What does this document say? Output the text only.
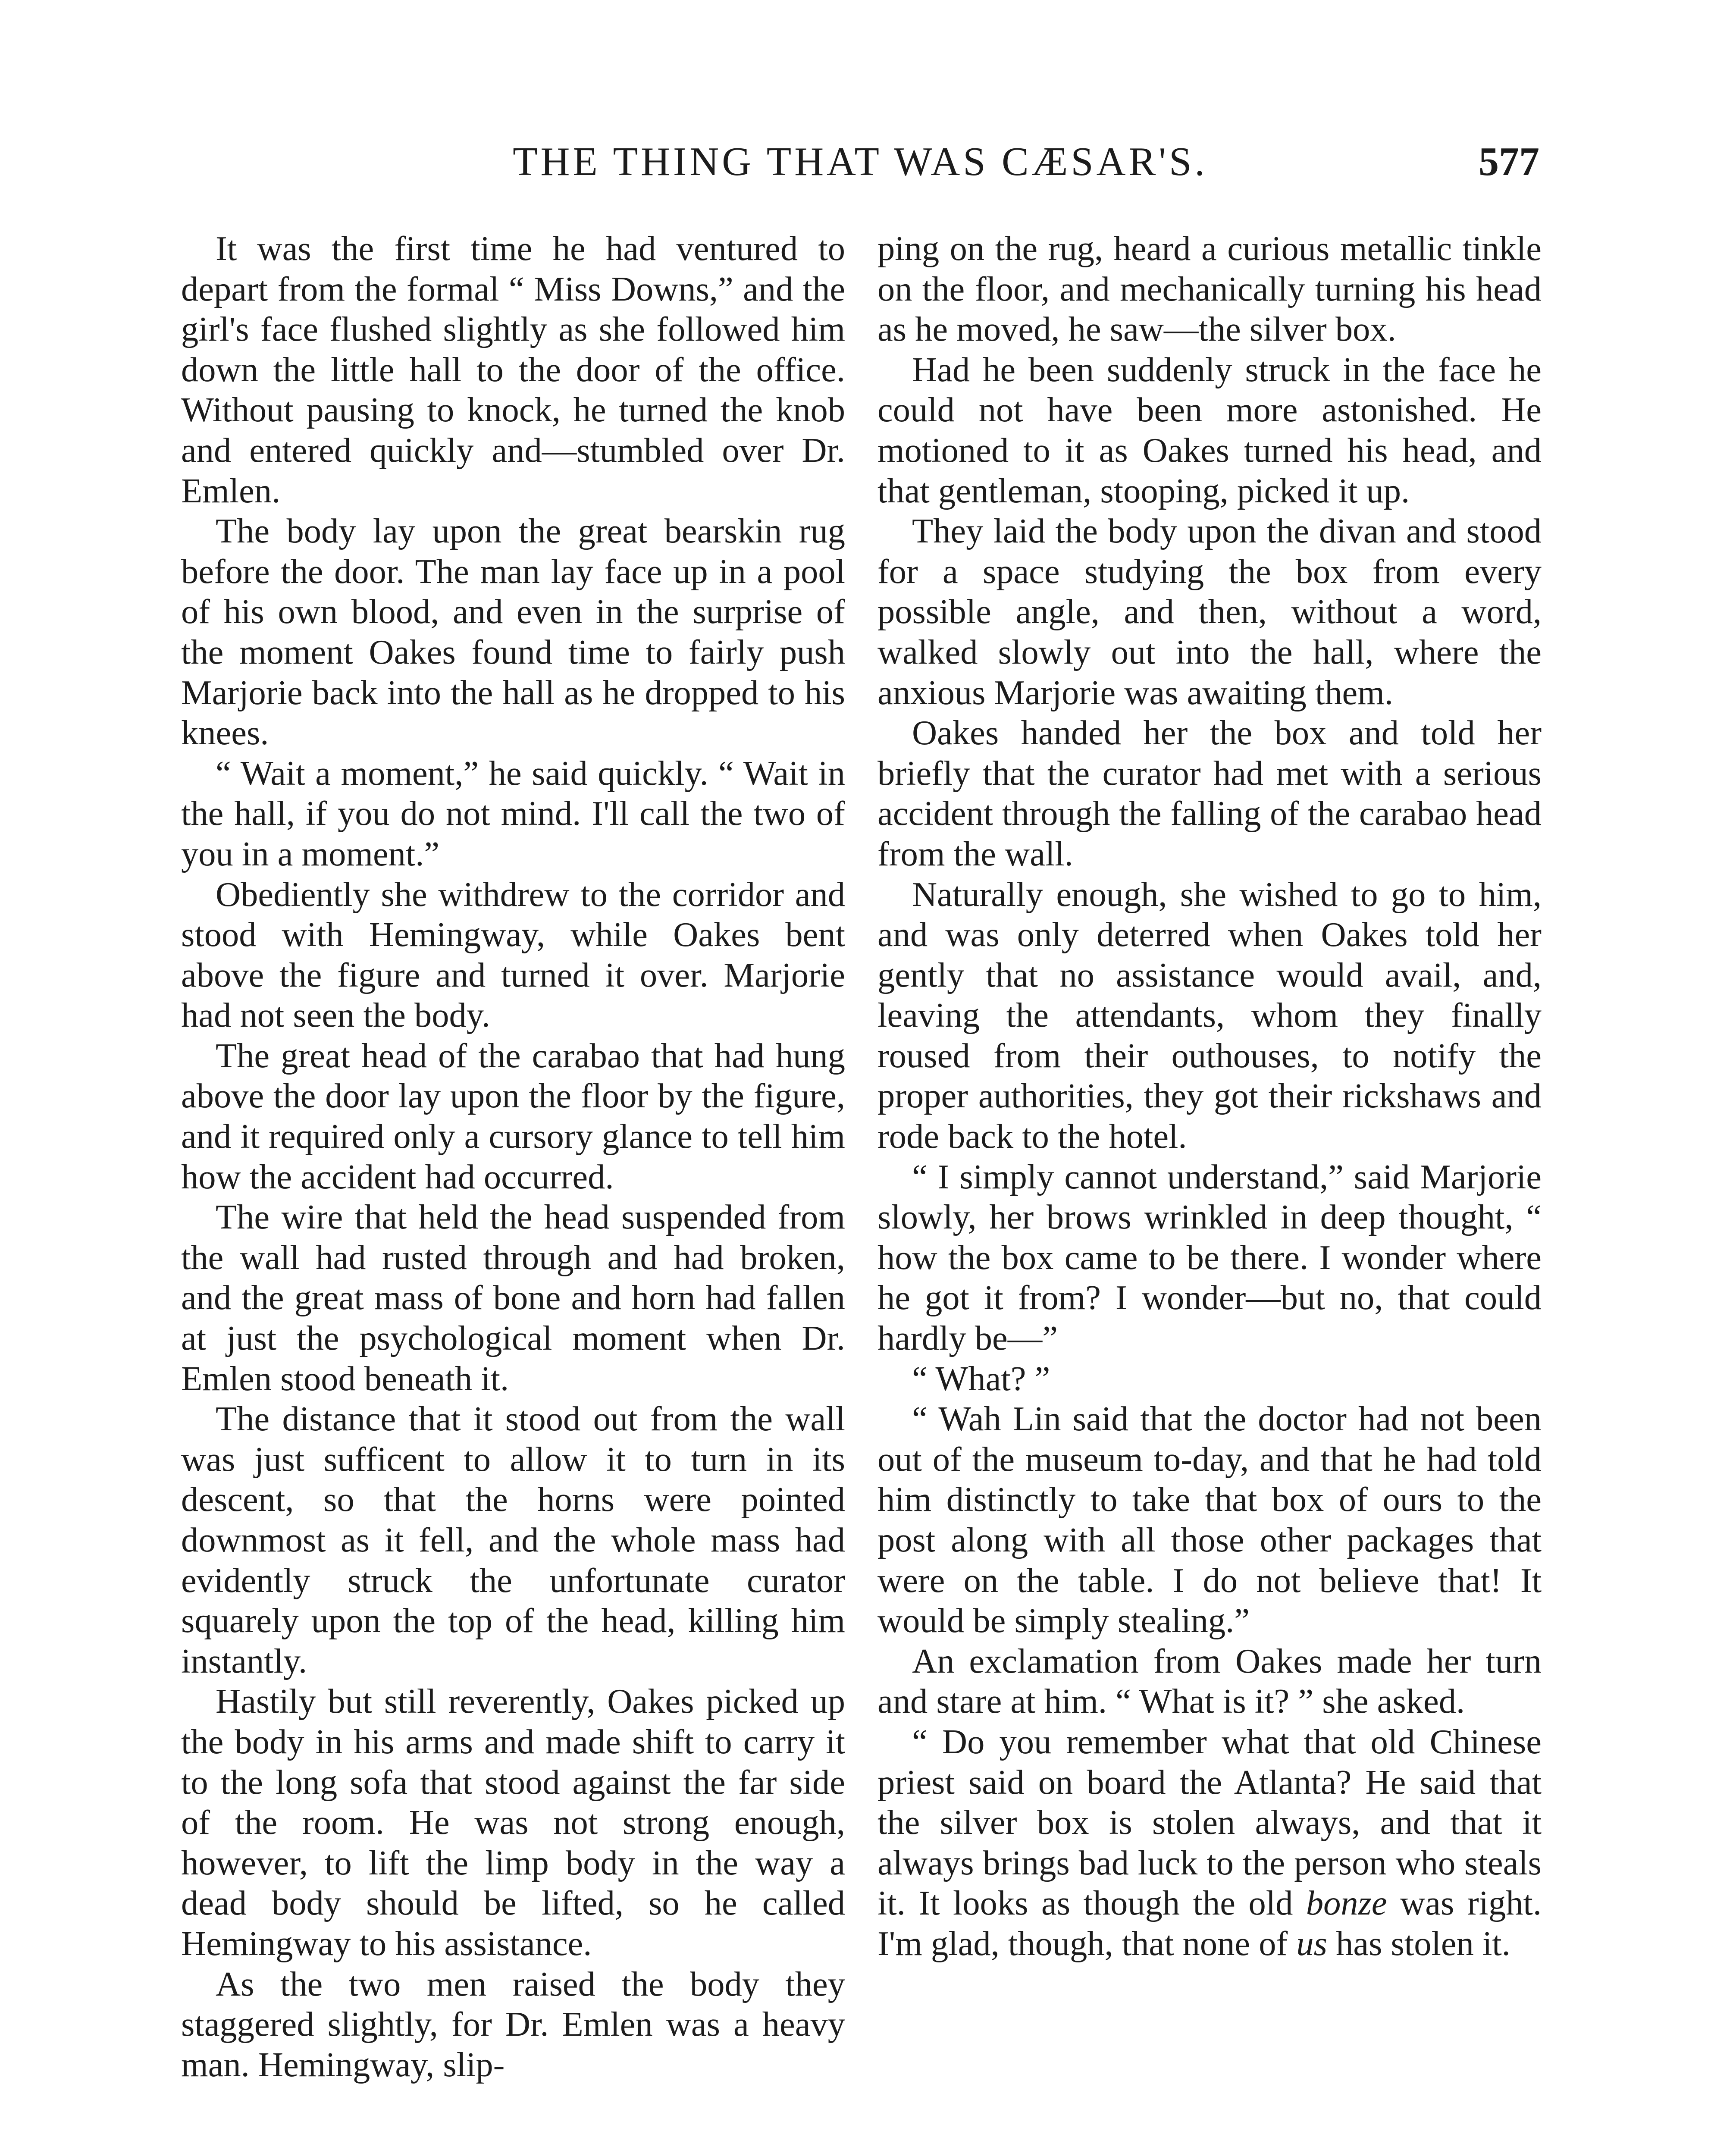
THE THING THAT WAS CÆSAR'S.	577

It was the first time he had ventured to depart from the formal “ Miss Downs,” and the girl's face flushed slightly as she followed him down the little hall to the door of the office. Without pausing to knock, he turned the knob and entered quickly and—stumbled over Dr. Emlen.

The body lay upon the great bearskin rug before the door. The man lay face up in a pool of his own blood, and even in the surprise of the moment Oakes found time to fairly push Marjorie back into the hall as he dropped to his knees.

“ Wait a moment,” he said quickly. “ Wait in the hall, if you do not mind. I'll call the two of you in a moment.”

Obediently she withdrew to the corridor and stood with Hemingway, while Oakes bent above the figure and turned it over. Marjorie had not seen the body.

The great head of the carabao that had hung above the door lay upon the floor by the figure, and it required only a cursory glance to tell him how the accident had occurred.

The wire that held the head suspended from the wall had rusted through and had broken, and the great mass of bone and horn had fallen at just the psychological moment when Dr. Emlen stood beneath it.

The distance that it stood out from the wall was just sufficent to allow it to turn in its descent, so that the horns were pointed downmost as it fell, and the whole mass had evidently struck the unfortunate curator squarely upon the top of the head, killing him instantly.

Hastily but still reverently, Oakes picked up the body in his arms and made shift to carry it to the long sofa that stood against the far side of the room. He was not strong enough, however, to lift the limp body in the way a dead body should be lifted, so he called Hemingway to his assistance.

As the two men raised the body they staggered slightly, for Dr. Emlen was a heavy man. Hemingway, slip-

ping on the rug, heard a curious metallic tinkle on the floor, and mechanically turning his head as he moved, he saw—the silver box.

Had he been suddenly struck in the face he could not have been more astonished. He motioned to it as Oakes turned his head, and that gentleman, stooping, picked it up.

They laid the body upon the divan and stood for a space studying the box from every possible angle, and then, without a word, walked slowly out into the hall, where the anxious Marjorie was awaiting them.

Oakes handed her the box and told her briefly that the curator had met with a serious accident through the falling of the carabao head from the wall.

Naturally enough, she wished to go to him, and was only deterred when Oakes told her gently that no assistance would avail, and, leaving the attendants, whom they finally roused from their outhouses, to notify the proper authorities, they got their rickshaws and rode back to the hotel.

“ I simply cannot understand,” said Marjorie slowly, her brows wrinkled in deep thought, “ how the box came to be there. I wonder where he got it from? I wonder—but no, that could hardly be—”

“ What? ”

“ Wah Lin said that the doctor had not been out of the museum to-day, and that he had told him distinctly to take that box of ours to the post along with all those other packages that were on the table. I do not believe that! It would be simply stealing.”

An exclamation from Oakes made her turn and stare at him. “ What is it? ” she asked.

“ Do you remember what that old Chinese priest said on board the Atlanta? He said that the silver box is stolen always, and that it always brings bad luck to the person who steals it. It looks as though the old bonze was right. I'm glad, though, that none of us has stolen it.
